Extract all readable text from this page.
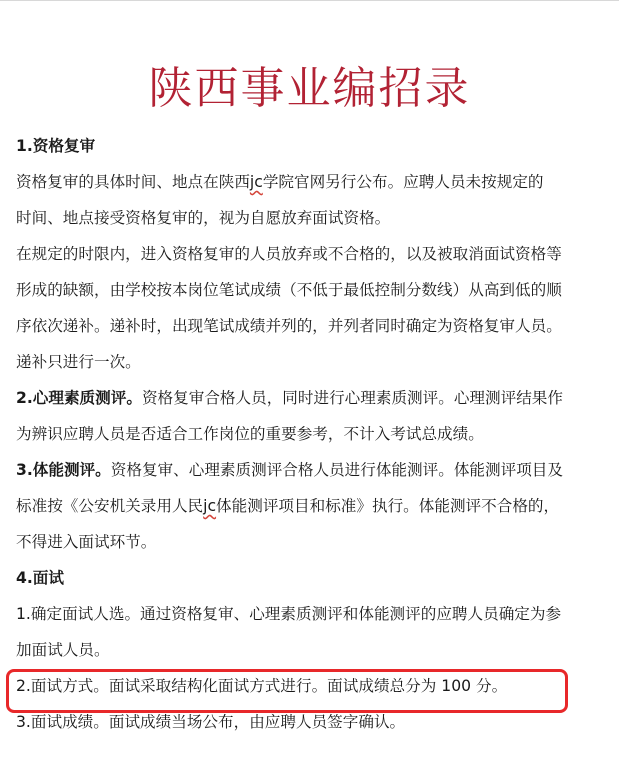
陕西事业编招录
1.资格复审
资格复审的具体时间、地点在陕西jc学院官网另行公布。应聘人员未按规定的
时间、地点接受资格复审的，视为自愿放弃面试资格。
在规定的时限内，进入资格复审的人员放弃或不合格的，以及被取消面试资格等
形成的缺额，由学校按本岗位笔试成绩（不低于最低控制分数线）从高到低的顺
序依次递补。递补时，出现笔试成绩并列的，并列者同时确定为资格复审人员。
递补只进行一次。
2.心理素质测评。资格复审合格人员，同时进行心理素质测评。心理测评结果作
为辨识应聘人员是否适合工作岗位的重要参考，不计入考试总成绩。
3.体能测评。资格复审、心理素质测评合格人员进行体能测评。体能测评项目及
标准按《公安机关录用人民jc体能测评项目和标准》执行。体能测评不合格的，
不得进入面试环节。
4.面试
1.确定面试人选。通过资格复审、心理素质测评和体能测评的应聘人员确定为参
加面试人员。
2.面试方式。面试采取结构化面试方式进行。面试成绩总分为 100 分。
3.面试成绩。面试成绩当场公布，由应聘人员签字确认。
